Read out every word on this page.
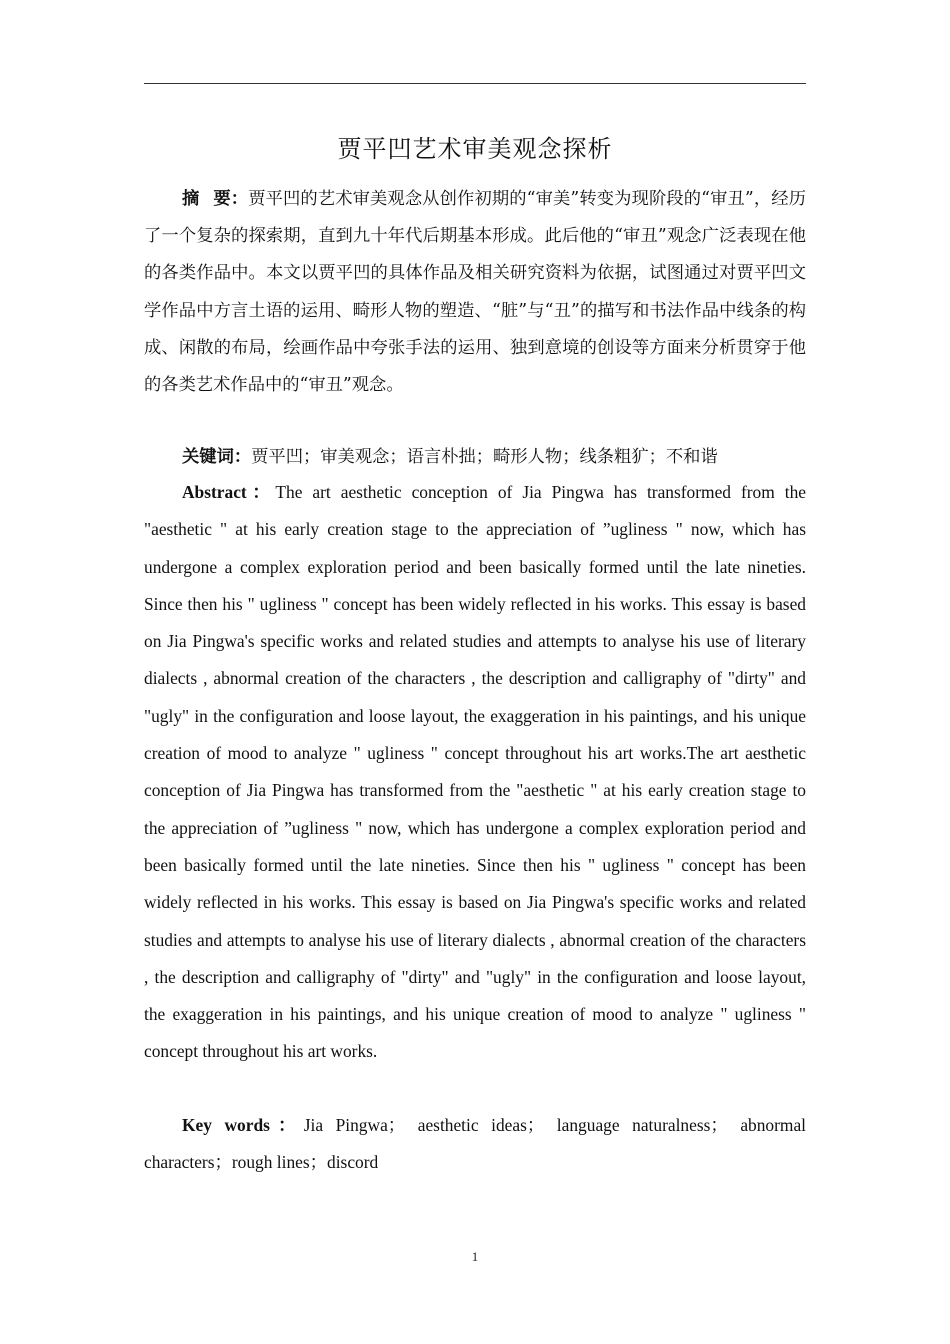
贾平凹艺术审美观念探析

摘要：贾平凹的艺术审美观念从创作初期的“审美”转变为现阶段的“审丑”，经历了一个复杂的探索期，直到九十年代后期基本形成。此后他的“审丑”观念广泛表现在他的各类作品中。本文以贾平凹的具体作品及相关研究资料为依据，试图通过对贾平凹文学作品中方言土语的运用、畸形人物的塑造、“脏”与“丑”的描写和书法作品中线条的构成、闲散的布局，绘画作品中夸张手法的运用、独到意境的创设等方面来分析贯穿于他的各类艺术作品中的“审丑”观念。

关键词：贾平凹；审美观念；语言朴拙；畸形人物；线条粗犷；不和谐

Abstract：The art aesthetic conception of Jia Pingwa has transformed from the "aesthetic " at his early creation stage to the appreciation of ”ugliness " now, which has undergone a complex exploration period and been basically formed until the late nineties. Since then his " ugliness " concept has been widely reflected in his works. This essay is based on Jia Pingwa's specific works and related studies and attempts to analyse his use of literary dialects , abnormal creation of the characters , the description and calligraphy of "dirty" and "ugly" in the configuration and loose layout, the exaggeration in his paintings, and his unique creation of mood to analyze " ugliness " concept throughout his art works.The art aesthetic conception of Jia Pingwa has transformed from the "aesthetic " at his early creation stage to the appreciation of ”ugliness " now, which has undergone a complex exploration period and been basically formed until the late nineties. Since then his " ugliness " concept has been widely reflected in his works. This essay is based on Jia Pingwa's specific works and related studies and attempts to analyse his use of literary dialects , abnormal creation of the characters , the description and calligraphy of "dirty" and "ugly" in the configuration and loose layout, the exaggeration in his paintings, and his unique creation of mood to analyze " ugliness " concept throughout his art works.

Key words：Jia Pingwa； aesthetic ideas； language naturalness； abnormal characters；rough lines；discord

1
